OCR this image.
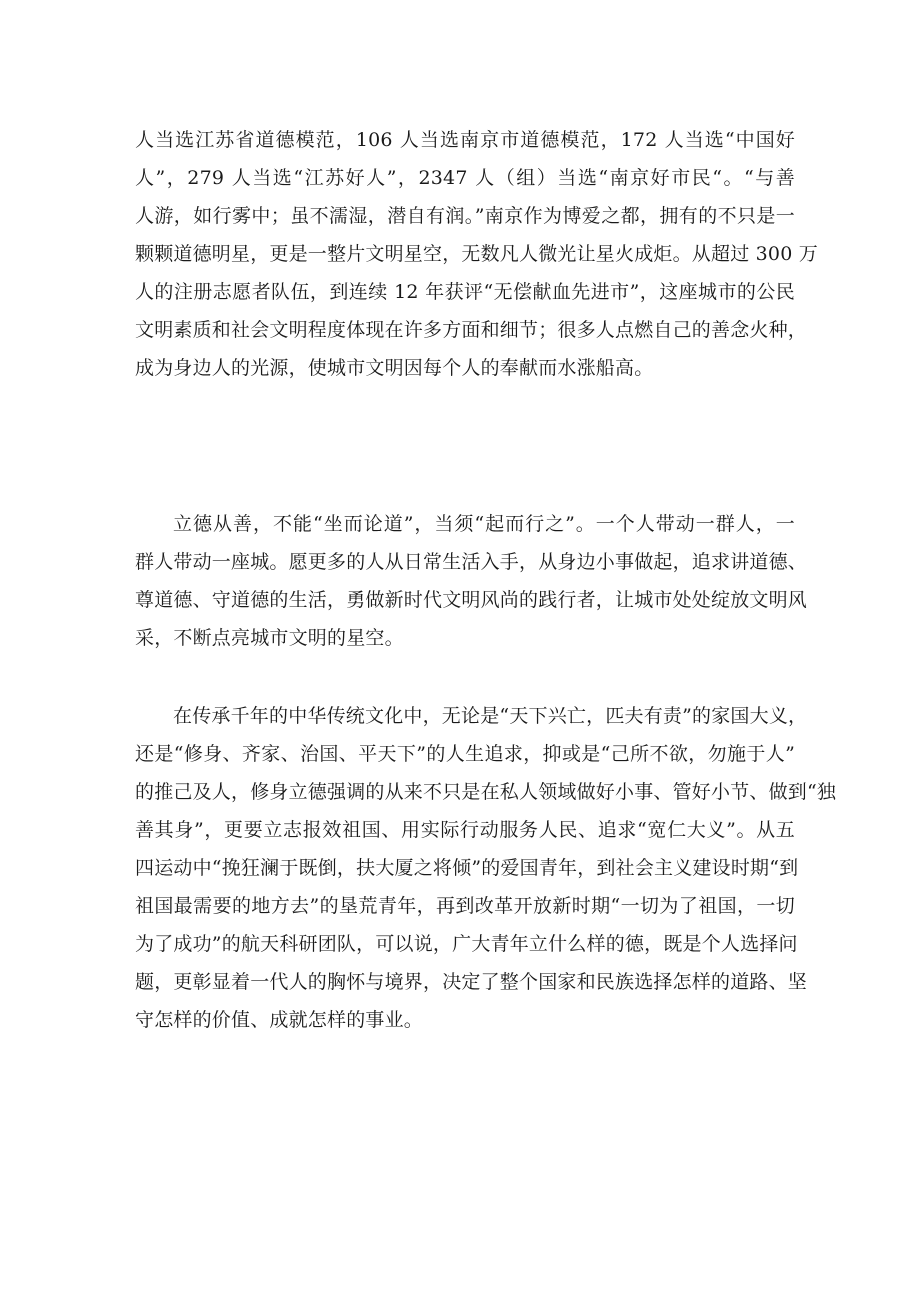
人当选江苏省道德模范，106 人当选南京市道德模范，172 人当选“中国好
人”，279 人当选“江苏好人”，2347 人（组）当选“南京好市民“。“与善
人游，如行雾中；虽不濡湿，潜自有润。”南京作为博爱之都，拥有的不只是一
颗颗道德明星，更是一整片文明星空，无数凡人微光让星火成炬。从超过 300 万
人的注册志愿者队伍，到连续 12 年获评“无偿献血先进市”，这座城市的公民
文明素质和社会文明程度体现在许多方面和细节；很多人点燃自己的善念火种，
成为身边人的光源，使城市文明因每个人的奉献而水涨船高。
立德从善，不能“坐而论道”，当须“起而行之”。一个人带动一群人，一
群人带动一座城。愿更多的人从日常生活入手，从身边小事做起，追求讲道德、
尊道德、守道德的生活，勇做新时代文明风尚的践行者，让城市处处绽放文明风
采，不断点亮城市文明的星空。
在传承千年的中华传统文化中，无论是“天下兴亡，匹夫有责”的家国大义，
还是“修身、齐家、治国、平天下”的人生追求，抑或是“己所不欲，勿施于人”
的推己及人，修身立德强调的从来不只是在私人领域做好小事、管好小节、做到“独
善其身”，更要立志报效祖国、用实际行动服务人民、追求“宽仁大义”。从五
四运动中“挽狂澜于既倒，扶大厦之将倾”的爱国青年，到社会主义建设时期“到
祖国最需要的地方去”的垦荒青年，再到改革开放新时期“一切为了祖国，一切
为了成功”的航天科研团队，可以说，广大青年立什么样的德，既是个人选择问
题，更彰显着一代人的胸怀与境界，决定了整个国家和民族选择怎样的道路、坚
守怎样的价值、成就怎样的事业。
